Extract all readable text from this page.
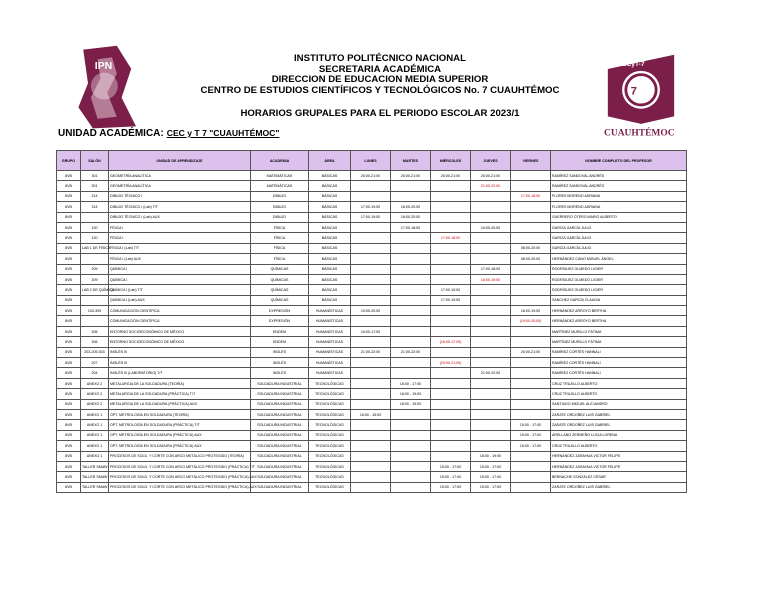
IPN
7
CECyT-7
CUAUHTÉMOC
INSTITUTO POLITÉCNICO NACIONAL
SECRETARIA ACADÉMICA
DIRECCION DE EDUCACION MEDIA SUPERIOR
CENTRO DE ESTUDIOS CIENTÍFICOS Y TECNOLÓGICOS No. 7 CUAUHTÉMOC
HORARIOS GRUPALES PARA EL PERIODO ESCOLAR 2023/1
UNIDAD ACADÉMICA: CEC y T 7 "CUAUHTÉMOC"
GRUPO	SALÓN	UNIDAD DE APRENDIZAJE	ACADEMIA	ÁREA	LUNES	MARTES	MIÉRCOLES	JUEVES	VIERNES	NOMBRE COMPLETO DEL PROFESOR
8VB	301	GEOMETRÍA ANALÍTICA	MATEMÁTICAS	BÁSICAS	20:00-21:00	20:00-21:00	20:00-21:00	20:00-21:00		RAMÍREZ SANDOVAL ANDRÉS
8VB	301	GEOMETRÍA ANALÍTICA	MATEMÁTICAS	BÁSICAS				21:00-22:00		RAMÍREZ SANDOVAL ANDRÉS
8VB	214	DIBUJO TÉCNICO I	DIBUJO	BÁSICAS					17:00-18:00	FLORES MORENO ADRIANA
8VB	314	DIBUJO TÉCNICO I (Lab) T/T	DIBUJO	BÁSICAS	17:00-19:00	18:00-20:00				FLORES MORENO ADRIANA
8VB		DIBUJO TÉCNICO I (Lab) AUX	DIBUJO	BÁSICAS	17:00-19:00	18:00-20:00				GUERRERO OTERO MARIO ALBERTO
8VB	120	FÍSICA I	FÍSICA	BÁSICAS		17:00-18:00		19:00-20:00		GARCÍA GARCÍA JULIO
8VB	120	FÍSICA I	FÍSICA	BÁSICAS			17:00-18:00			GARCÍA GARCÍA JULIO
8VB	LAB 1 DE FÍSICA	FÍSICA I (Lab) T/T	FÍSICA	BÁSICAS					08:00-20:00	GARCÍA GARCÍA JULIO
8VB		FÍSICA I (Lab) AUX	FÍSICA	BÁSICAS					08:00-20:00	HERNÁNDEZ CANO MIGUEL ÁNGEL
8VB	209	QUÍMICA I	QUÍMICAS	BÁSICAS				17:00-18:00		RODRÍGUEZ OLMEDO LIGIER
8VB	209	QUÍMICA I	QUÍMICAS	BÁSICAS				18:00-19:00		RODRÍGUEZ OLMEDO LIGIER
8VB	LAB 2 DE QUÍMICA	QUÍMICA I (Lab) T/T	QUÍMICAS	BÁSICAS			17:00-19:00			RODRÍGUEZ OLMEDO LIGIER
8VB		QUÍMICA I (Lab) AUX	QUÍMICAS	BÁSICAS			17:00-19:00			SÁNCHEZ GARCÍA CLAUDIA
8VB	103-309	COMUNICACIÓN CIENTÍFICA	EXPRESIÓN	HUMANÍSTICAS	19:00-20:00				18:00-19:00	HERNÁNDEZ ARROYO BERTHA
8VB		COMUNICACIÓN CIENTÍFICA	EXPRESIÓN	HUMANÍSTICAS					(19:00-20:00)	HERNÁNDEZ ARROYO BERTHA
8VB	306	ENTORNO SOCIOECONÓMICO DE MÉXICO	ENDEM	HUMANÍSTICAS	15:00-17:00					MARTÍNEZ MURILLO FÁTIMA
8VB	306	ENTORNO SOCIOECONÓMICO DE MÉXICO	ENDEM	HUMANÍSTICAS			(16:00-17:00)			MARTÍNEZ MURILLO FÁTIMA
8VB	203-209-303	INGLÉS III	INGLÉS	HUMANÍSTICAS	21:00-22:00	21:00-22:00			20:00-21:00	RAMÍREZ CORTÉS HANNALI
8VB	207	INGLÉS III	INGLÉS	HUMANÍSTICAS			(20:00-21:00)			RAMÍREZ CORTÉS HANNALI
8VB	204	INGLÉS III (LABORATORIO) T/T	INGLÉS	HUMANÍSTICAS				21:00-22:00		RAMÍREZ CORTÉS HANNALI
8VB	ANEXO 2	METALURGIA DE LA SOLDADURA (TEORÍA)	SOLDADURA INDUSTRIAL	TECNOLÓGICAS		16:00 - 17:00				CRUZ TRUJILLO ALBERTO
8VB	ANEXO 2	METALURGIA DE LA SOLDADURA (PRÁCTICA) T/T	SOLDADURA INDUSTRIAL	TECNOLÓGICAS		18:00 - 19:00				CRUZ TRUJILLO ALBERTO
8VB	ANEXO 2	METALURGIA DE LA SOLDADURA (PRÁCTICA) AUX	SOLDADURA INDUSTRIAL	TECNOLÓGICAS		18:00 - 19:00				SANTIAGO MIGUEL ALEJANDRO
8VB	ANEXO 1	OPT. METROLOGÍA EN SOLDADURA (TEORÍA)	SOLDADURA INDUSTRIAL	TECNOLÓGICAS	16:00 - 15:00					ZARATE ORDOÑEZ LUIS GABRIEL
8VB	ANEXO 1	OPT. METROLOGÍA EN SOLDADURA (PRÁCTICA) T/T	SOLDADURA INDUSTRIAL	TECNOLÓGICAS					15:00 - 17:00	ZARATE ORDOÑEZ LUIS GABRIEL
8VB	ANEXO 1	OPT. METROLOGÍA EN SOLDADURA (PRÁCTICA) AUX	SOLDADURA INDUSTRIAL	TECNOLÓGICAS					15:00 - 17:00	ARELLANO ZERMEÑO LUCIA LORENA
8VB	ANEXO 1	OPT. METROLOGÍA EN SOLDADURA (PRÁCTICA) AUX	SOLDADURA INDUSTRIAL	TECNOLÓGICAS					15:00 - 17:00	CRUZ TRUJILLO ALBERTO
8VB	ANEXO 1	PROCESOS DE SOLD. Y CORTE CON ARCO METÁLICO PROTEGIDO (TEORÍA)	SOLDADURA INDUSTRIAL	TECNOLÓGICAS				18:00 - 19:00		HERNÁNDEZ ZARAHUA VICTOR FELIPE
8VB	TALLER SMAW	PROCESOS DE SOLD. Y CORTE CON ARCO METÁLICO PROTEGIDO (PRÁCTICA) T/T	SOLDADURA INDUSTRIAL	TECNOLÓGICAS			15:00 - 17:00	15:00 - 17:00		HERNÁNDEZ ZARAHUA VICTOR FELIPE
8VB	TALLER SMAW	PROCESOS DE SOLD. Y CORTE CON ARCO METÁLICO PROTEGIDO (PRÁCTICA) AUX	SOLDADURA INDUSTRIAL	TECNOLÓGICAS			15:00 - 17:00	15:00 - 17:00		BERNACHE GONZÁLEZ CÉSAR
8VB	TALLER SMAW	PROCESOS DE SOLD. Y CORTE CON ARCO METÁLICO PROTEGIDO (PRÁCTICA) AUX	SOLDADURA INDUSTRIAL	TECNOLÓGICAS			15:00 - 17:00	15:00 - 17:00		ZARATE ORDOÑEZ LUIS GABRIEL
